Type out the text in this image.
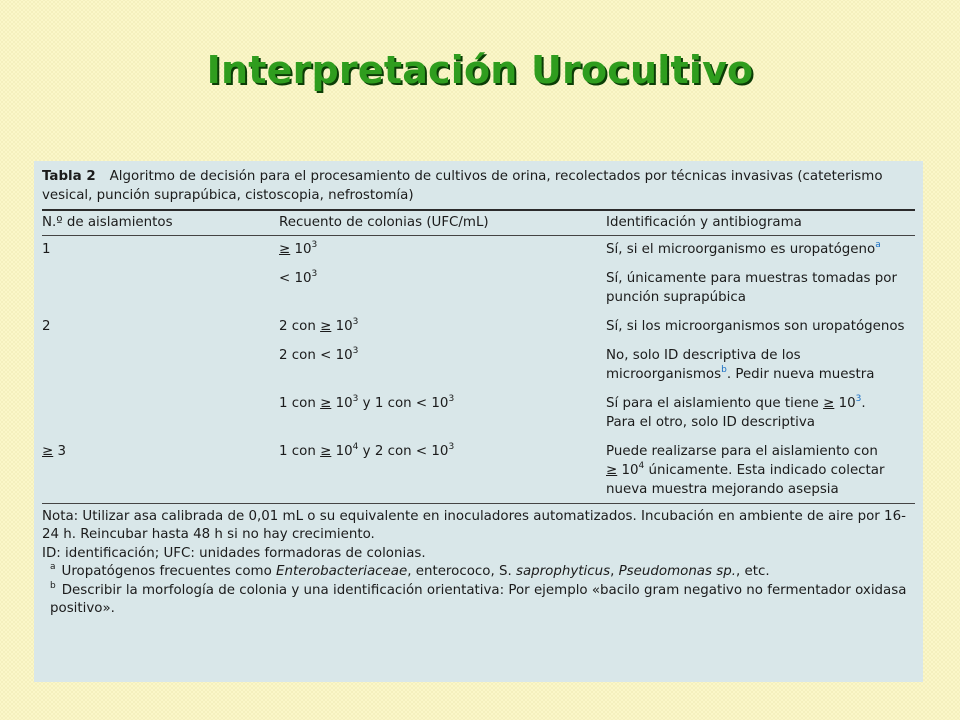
Interpretación Urocultivo

Tabla 2 Algoritmo de decisión para el procesamiento de cultivos de orina, recolectados por técnicas invasivas (cateterismo vesical, punción suprapúbica, cistoscopia, nefrostomía)

N.º de aislamientos	Recuento de colonias (UFC/mL)	Identificación y antibiograma

1	≥ $10^3$	Sí, si el microorganismo es uropatógeno$^a$
	< $10^3$	Sí, únicamente para muestras tomadas por punción suprapúbica
2	2 con ≥ $10^3$	Sí, si los microorganismos son uropatógenos
	2 con < $10^3$	No, solo ID descriptiva de los microorganismos$^b$. Pedir nueva muestra
	1 con ≥ $10^3$ y 1 con < $10^3$	Sí para el aislamiento que tiene ≥ 10$^3$.
Para el otro, solo ID descriptiva
≥ 3	1 con ≥ $10^4$ y 2 con < $10^3$	Puede realizarse para el aislamiento con
≥ $10^4$ únicamente. Esta indicado colectar nueva muestra mejorando asepsia

Nota: Utilizar asa calibrada de 0,01 mL o su equivalente en inoculadores automatizados. Incubación en ambiente de aire por 16-24 h. Reincubar hasta 48 h si no hay crecimiento.

ID: identificación; UFC: unidades formadoras de colonias.

$^a$ Uropatógenos frecuentes como Enterobacteriaceae, enterococo, S. saprophyticus, Pseudomonas sp., etc.

$^b$ Describir la morfología de colonia y una identificación orientativa: Por ejemplo «bacilo gram negativo no fermentador oxidasa positivo».
